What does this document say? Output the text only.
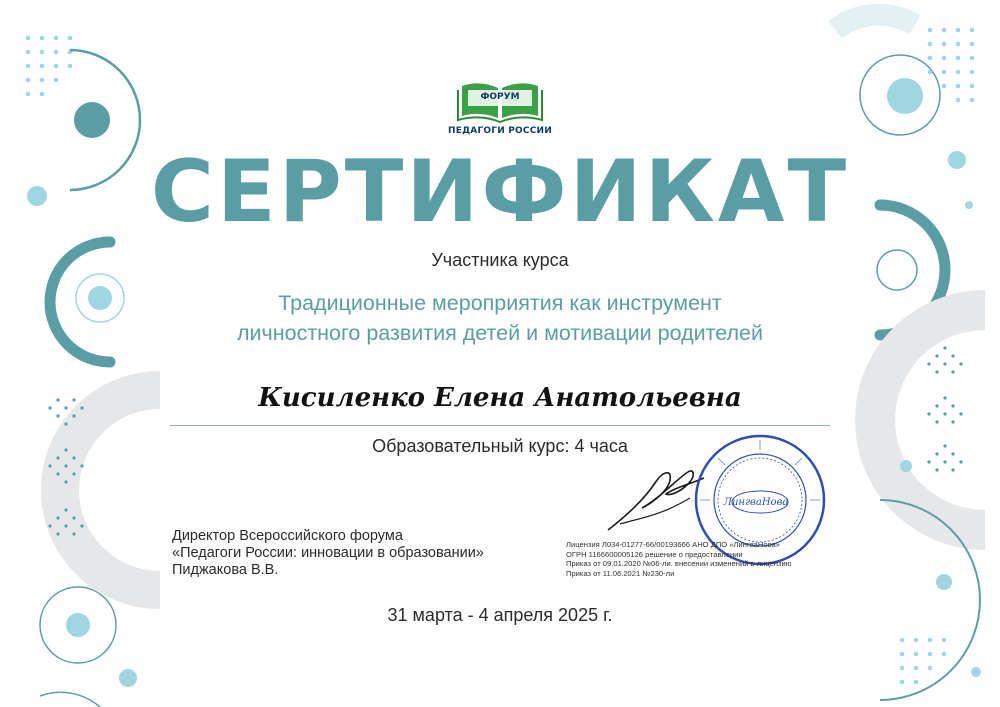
ФОРУМ
ПЕДАГОГИ РОССИИ
СЕРТИФИКАТ
Участника курса
Традиционные мероприятия как инструмент
личностного развития детей и мотивации родителей
Кисиленко Елена Анатольевна
Образовательный курс: 4 часа
Директор Всероссийского форума
«Педагоги России: инновации в образовании»
Пиджакова В.В.
ЛингваНова
Лицензия Л034-01277-66/00193666 АНО ДПО «ЛингваНова»
ОГРН 1166600005126 решение о предоставлении
Приказ от 09.01.2020 №06-ли. внесении изменений в лицензию
Приказ от 11.06.2021 №230-ли
31 марта - 4 апреля 2025 г.
